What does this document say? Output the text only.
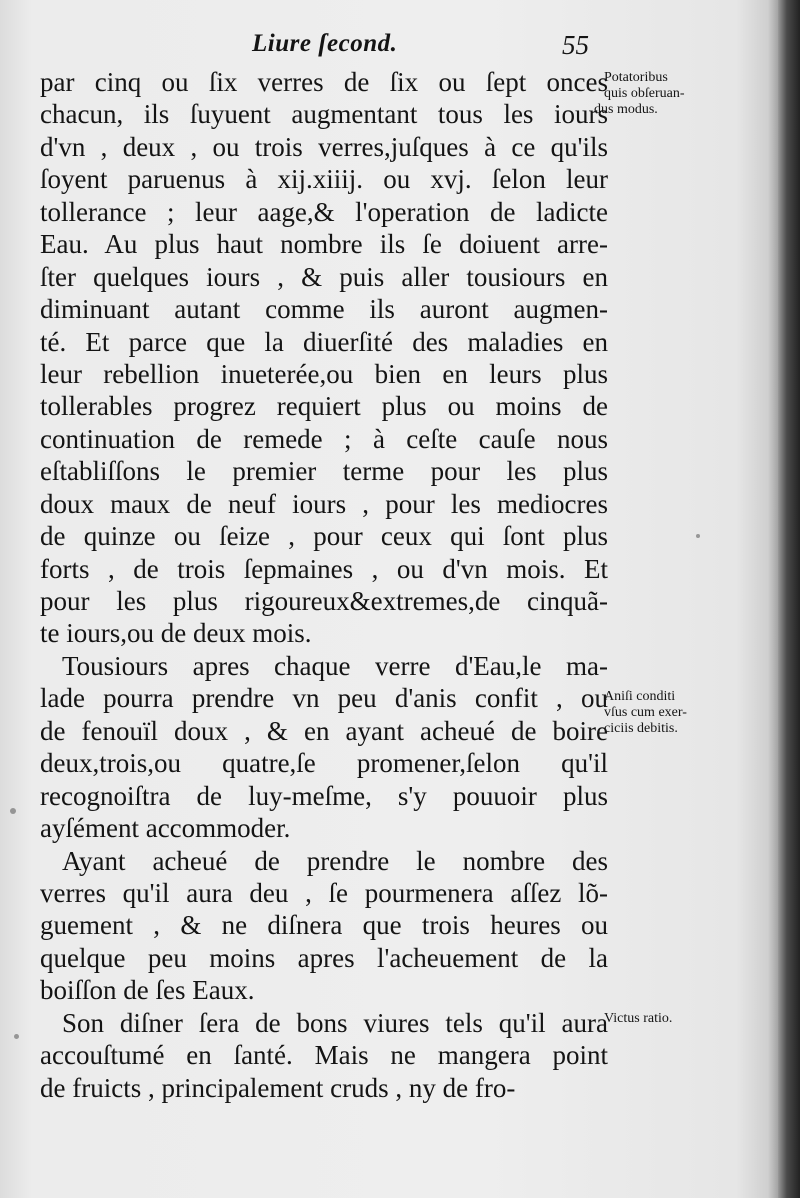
Liure ſecond.	55
par cinq ou ſix verres de ſix ou ſept onces
chacun, ils ſuyuent augmentant tous les iours
d'vn , deux , ou trois verres,juſques à ce qu'ils
ſoyent paruenus à xij.xiiij. ou xvj. ſelon leur
tollerance ; leur aage,& l'operation de ladicte
Eau. Au plus haut nombre ils ſe doiuent arre-
ſter quelques iours , & puis aller tousiours en
diminuant autant comme ils auront augmen-
té. Et parce que la diuerſité des maladies en
leur rebellion inueterée,ou bien en leurs plus
tollerables progrez requiert plus ou moins de
continuation de remede ; à ceſte cauſe nous
eſtabliſſons le premier terme pour les plus
doux maux de neuf iours , pour les mediocres
de quinze ou ſeize , pour ceux qui ſont plus
forts , de trois ſepmaines , ou d'vn mois. Et
pour les plus rigoureux&extremes,de cinquã-
te iours,ou de deux mois.
Tousiours apres chaque verre d'Eau,le ma-
lade pourra prendre vn peu d'anis confit , ou
de fenouïl doux , & en ayant acheué de boire
deux,trois,ou quatre,ſe promener,ſelon qu'il
recognoiſtra de luy-meſme, s'y pouuoir plus
ayſément accommoder.
Ayant acheué de prendre le nombre des
verres qu'il aura deu , ſe pourmenera aſſez lõ-
guement , & ne diſnera que trois heures ou
quelque peu moins apres l'acheuement de la
boiſſon de ſes Eaux.
Son diſner ſera de bons viures tels qu'il aura
accouſtumé en ſanté. Mais ne mangera point
de fruicts , principalement cruds , ny de fro-
Potatoribus
quis obſeruan-
dus modus.
Aniſi conditi
vſus cum exer-
ciciis debitis.
Victus ratio.
